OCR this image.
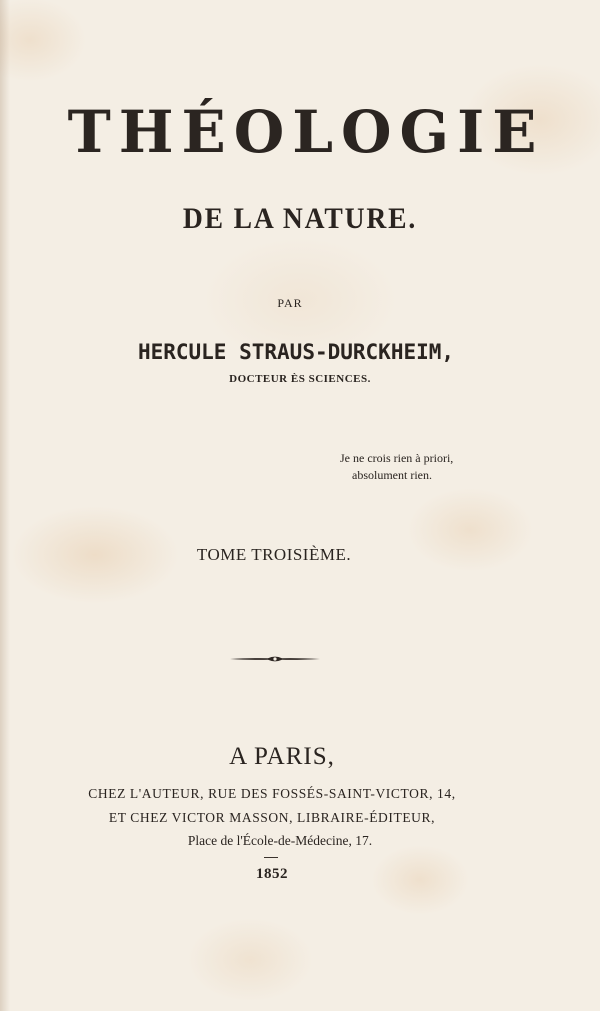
THÉOLOGIE
DE LA NATURE.
PAR
HERCULE STRAUS-DURCKHEIM,
DOCTEUR ÈS SCIENCES.
Je ne crois rien à priori,
absolument rien.
TOME TROISIÈME.
A PARIS,
CHEZ L'AUTEUR, RUE DES FOSSÉS-SAINT-VICTOR, 14,
ET CHEZ VICTOR MASSON, LIBRAIRE-ÉDITEUR,
Place de l'École-de-Médecine, 17.
1852
